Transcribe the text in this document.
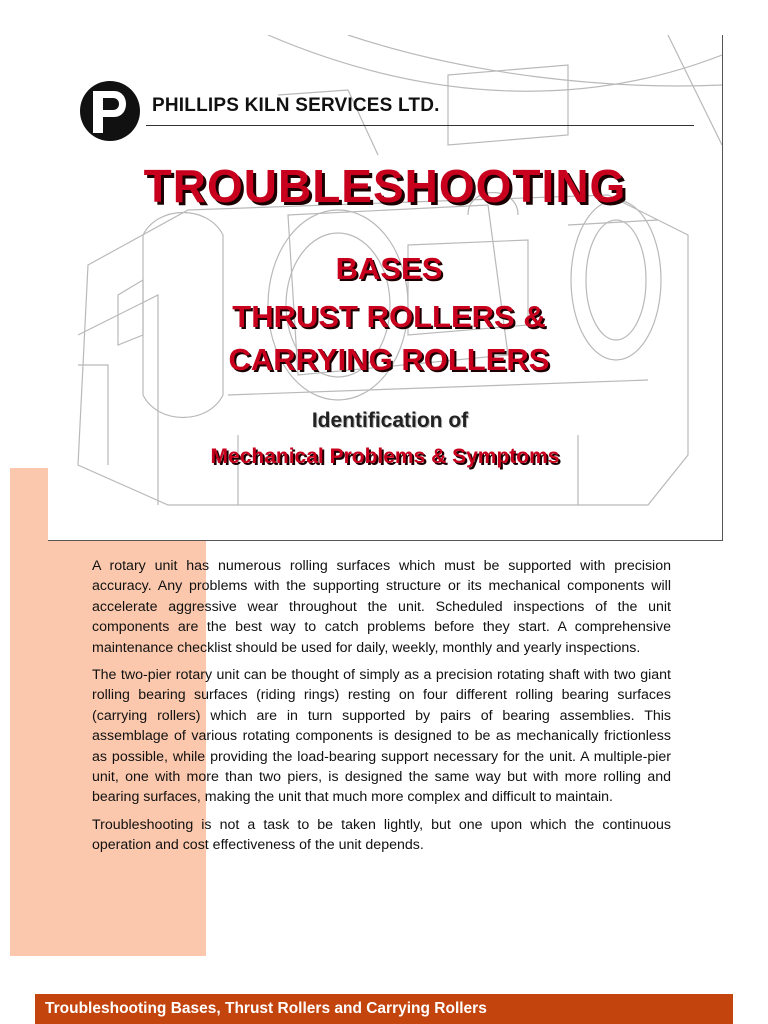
PHILLIPS KILN SERVICES LTD.
TROUBLESHOOTING
BASES
THRUST ROLLERS &
CARRYING ROLLERS
Identification of
Mechanical Problems & Symptoms

A rotary unit has numerous rolling surfaces which must be supported with precision accuracy. Any problems with the supporting structure or its mechanical components will accelerate aggressive wear throughout the unit. Scheduled inspections of the unit components are the best way to catch problems before they start. A comprehensive maintenance checklist should be used for daily, weekly, monthly and yearly inspections.

The two-pier rotary unit can be thought of simply as a precision rotating shaft with two giant rolling bearing surfaces (riding rings) resting on four different rolling bearing surfaces (carrying rollers) which are in turn supported by pairs of bearing assemblies. This assemblage of various rotating components is designed to be as mechanically frictionless as possible, while providing the load-bearing support necessary for the unit. A multiple-pier unit, one with more than two piers, is designed the same way but with more rolling and bearing surfaces, making the unit that much more complex and difficult to maintain.

Troubleshooting is not a task to be taken lightly, but one upon which the continuous operation and cost effectiveness of the unit depends.

Troubleshooting Bases, Thrust Rollers and Carrying Rollers
